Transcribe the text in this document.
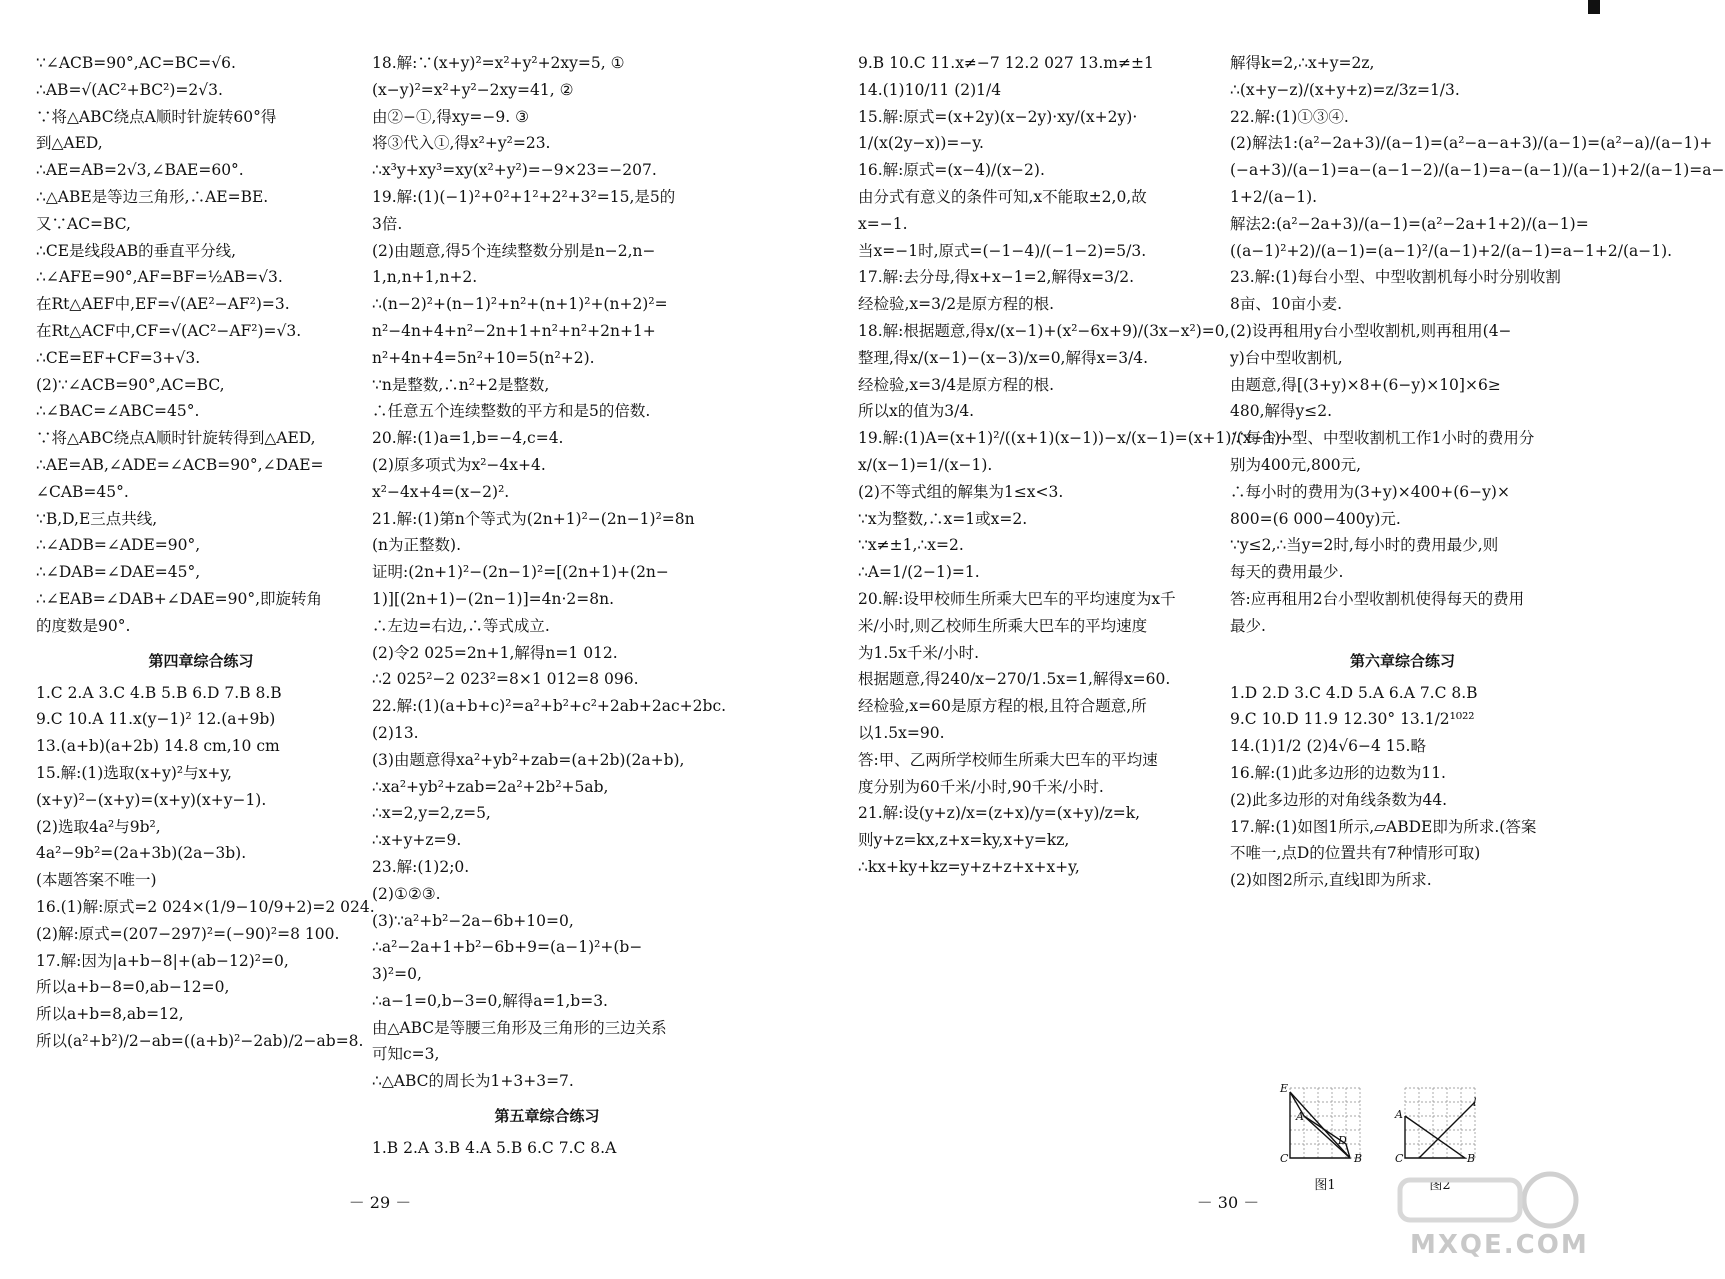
∵∠ACB=90°,AC=BC=√6.
∴AB=√(AC²+BC²)=2√3.
∵将△ABC绕点A顺时针旋转60°得
到△AED,
∴AE=AB=2√3,∠BAE=60°.
∴△ABE是等边三角形,∴AE=BE.
又∵AC=BC,
∴CE是线段AB的垂直平分线,
∴∠AFE=90°,AF=BF=½AB=√3.
在Rt△AEF中,EF=√(AE²−AF²)=3.
在Rt△ACF中,CF=√(AC²−AF²)=√3.
∴CE=EF+CF=3+√3.
(2)∵∠ACB=90°,AC=BC,
∴∠BAC=∠ABC=45°.
∵将△ABC绕点A顺时针旋转得到△AED,
∴AE=AB,∠ADE=∠ACB=90°,∠DAE=
∠CAB=45°.
∵B,D,E三点共线,
∴∠ADB=∠ADE=90°,
∴∠DAB=∠DAE=45°,
∴∠EAB=∠DAB+∠DAE=90°,即旋转角
的度数是90°.
第四章综合练习
1.C 2.A 3.C 4.B 5.B 6.D 7.B 8.B
9.C 10.A 11.x(y−1)² 12.(a+9b)
13.(a+b)(a+2b) 14.8 cm,10 cm
15.解:(1)选取(x+y)²与x+y,
(x+y)²−(x+y)=(x+y)(x+y−1).
(2)选取4a²与9b²,
4a²−9b²=(2a+3b)(2a−3b).
(本题答案不唯一)
16.(1)解:原式=2 024×(1/9−10/9+2)=2 024.
(2)解:原式=(207−297)²=(−90)²=8 100.
17.解:因为|a+b−8|+(ab−12)²=0,
所以a+b−8=0,ab−12=0,
所以a+b=8,ab=12,
所以(a²+b²)/2−ab=((a+b)²−2ab)/2−ab=8.
18.解:∵(x+y)²=x²+y²+2xy=5, ①
(x−y)²=x²+y²−2xy=41, ②
由②−①,得xy=−9. ③
将③代入①,得x²+y²=23.
∴x³y+xy³=xy(x²+y²)=−9×23=−207.
19.解:(1)(−1)²+0²+1²+2²+3²=15,是5的
3倍.
(2)由题意,得5个连续整数分别是n−2,n−
1,n,n+1,n+2.
∴(n−2)²+(n−1)²+n²+(n+1)²+(n+2)²=
n²−4n+4+n²−2n+1+n²+n²+2n+1+
n²+4n+4=5n²+10=5(n²+2).
∵n是整数,∴n²+2是整数,
∴任意五个连续整数的平方和是5的倍数.
20.解:(1)a=1,b=−4,c=4.
(2)原多项式为x²−4x+4.
x²−4x+4=(x−2)².
21.解:(1)第n个等式为(2n+1)²−(2n−1)²=8n
(n为正整数).
证明:(2n+1)²−(2n−1)²=[(2n+1)+(2n−
1)][(2n+1)−(2n−1)]=4n·2=8n.
∴左边=右边,∴等式成立.
(2)令2 025=2n+1,解得n=1 012.
∴2 025²−2 023²=8×1 012=8 096.
22.解:(1)(a+b+c)²=a²+b²+c²+2ab+2ac+2bc.
(2)13.
(3)由题意得xa²+yb²+zab=(a+2b)(2a+b),
∴xa²+yb²+zab=2a²+2b²+5ab,
∴x=2,y=2,z=5,
∴x+y+z=9.
23.解:(1)2;0.
(2)①②③.
(3)∵a²+b²−2a−6b+10=0,
∴a²−2a+1+b²−6b+9=(a−1)²+(b−
3)²=0,
∴a−1=0,b−3=0,解得a=1,b=3.
由△ABC是等腰三角形及三角形的三边关系
可知c=3,
∴△ABC的周长为1+3+3=7.
第五章综合练习
1.B 2.A 3.B 4.A 5.B 6.C 7.C 8.A
－ 29 －
9.B 10.C 11.x≠−7 12.2 027 13.m≠±1
14.(1)10/11 (2)1/4
15.解:原式=(x+2y)(x−2y)·xy/(x+2y)·
1/(x(2y−x))=−y.
16.解:原式=(x−4)/(x−2).
由分式有意义的条件可知,x不能取±2,0,故
x=−1.
当x=−1时,原式=(−1−4)/(−1−2)=5/3.
17.解:去分母,得x+x−1=2,解得x=3/2.
经检验,x=3/2是原方程的根.
18.解:根据题意,得x/(x−1)+(x²−6x+9)/(3x−x²)=0,
整理,得x/(x−1)−(x−3)/x=0,解得x=3/4.
经检验,x=3/4是原方程的根.
所以x的值为3/4.
19.解:(1)A=(x+1)²/((x+1)(x−1))−x/(x−1)=(x+1)/(x−1)−
x/(x−1)=1/(x−1).
(2)不等式组的解集为1≤x<3.
∵x为整数,∴x=1或x=2.
∵x≠±1,∴x=2.
∴A=1/(2−1)=1.
20.解:设甲校师生所乘大巴车的平均速度为x千
米/小时,则乙校师生所乘大巴车的平均速度
为1.5x千米/小时.
根据题意,得240/x−270/1.5x=1,解得x=60.
经检验,x=60是原方程的根,且符合题意,所
以1.5x=90.
答:甲、乙两所学校师生所乘大巴车的平均速
度分别为60千米/小时,90千米/小时.
21.解:设(y+z)/x=(z+x)/y=(x+y)/z=k,
则y+z=kx,z+x=ky,x+y=kz,
∴kx+ky+kz=y+z+z+x+x+y,
解得k=2,∴x+y=2z,
∴(x+y−z)/(x+y+z)=z/3z=1/3.
22.解:(1)①③④.
(2)解法1:(a²−2a+3)/(a−1)=(a²−a−a+3)/(a−1)=(a²−a)/(a−1)+
(−a+3)/(a−1)=a−(a−1−2)/(a−1)=a−(a−1)/(a−1)+2/(a−1)=a−
1+2/(a−1).
解法2:(a²−2a+3)/(a−1)=(a²−2a+1+2)/(a−1)=
((a−1)²+2)/(a−1)=(a−1)²/(a−1)+2/(a−1)=a−1+2/(a−1).
23.解:(1)每台小型、中型收割机每小时分别收割
8亩、10亩小麦.
(2)设再租用y台小型收割机,则再租用(4−
y)台中型收割机,
由题意,得[(3+y)×8+(6−y)×10]×6≥
480,解得y≤2.
∵每台小型、中型收割机工作1小时的费用分
别为400元,800元,
∴每小时的费用为(3+y)×400+(6−y)×
800=(6 000−400y)元.
∵y≤2,∴当y=2时,每小时的费用最少,则
每天的费用最少.
答:应再租用2台小型收割机使得每天的费用
最少.
第六章综合练习
1.D 2.D 3.C 4.D 5.A 6.A 7.C 8.B
9.C 10.D 11.9 12.30° 13.1/2¹⁰²²
14.(1)1/2 (2)4√6−4 15.略
16.解:(1)此多边形的边数为11.
(2)此多边形的对角线条数为44.
17.解:(1)如图1所示,▱ABDE即为所求.(答案
不唯一,点D的位置共有7种情形可取)
(2)如图2所示,直线l即为所求.
E
A
C
D
B
图1
A
C
l
B
图2
－ 30 －
MXQE.COM
